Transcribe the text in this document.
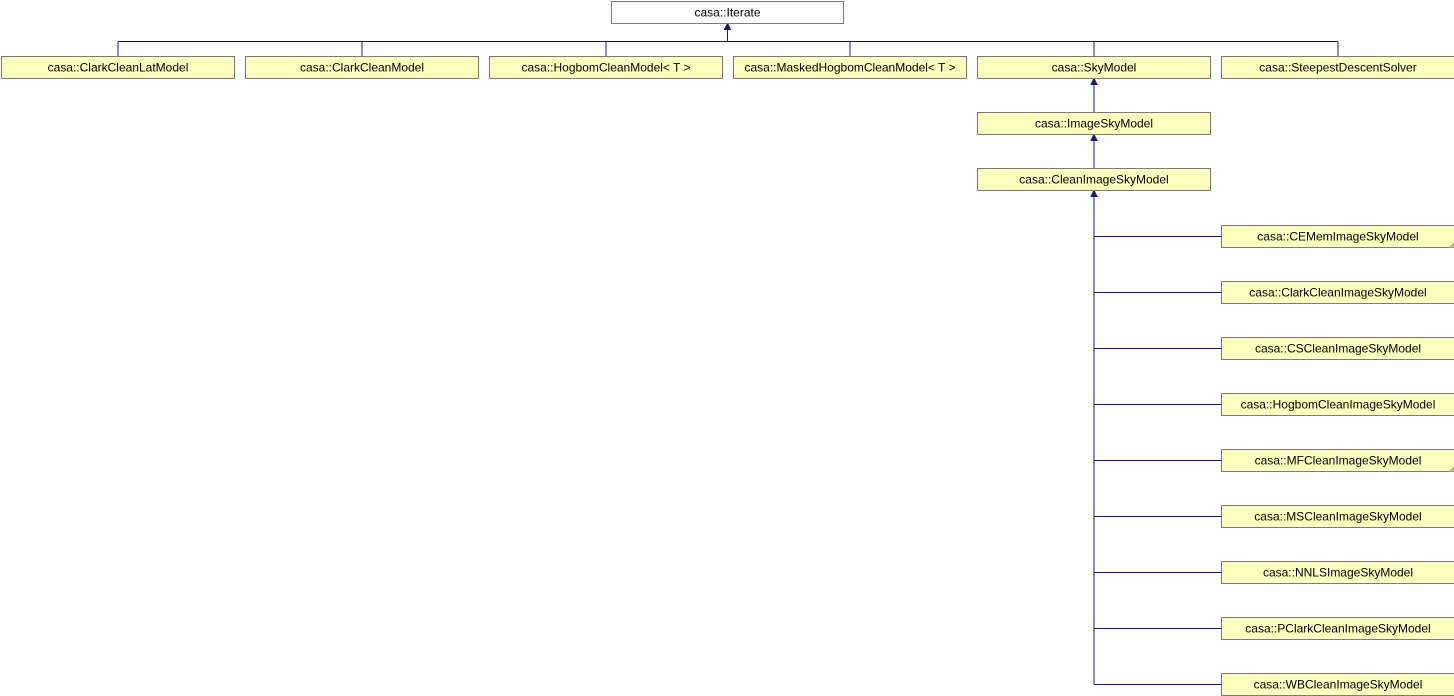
casa::Iterate
casa::ClarkCleanLatModel	casa::ClarkCleanModel	casa::HogbomCleanModel< T >	casa::MaskedHogbomCleanModel< T >	casa::SkyModel	casa::SteepestDescentSolver
casa::ImageSkyModel
casa::CleanImageSkyModel
casa::CEMemImageSkyModel
casa::ClarkCleanImageSkyModel
casa::CSCleanImageSkyModel
casa::HogbomCleanImageSkyModel
casa::MFCleanImageSkyModel
casa::MSCleanImageSkyModel
casa::NNLSImageSkyModel
casa::PClarkCleanImageSkyModel
casa::WBCleanImageSkyModel
